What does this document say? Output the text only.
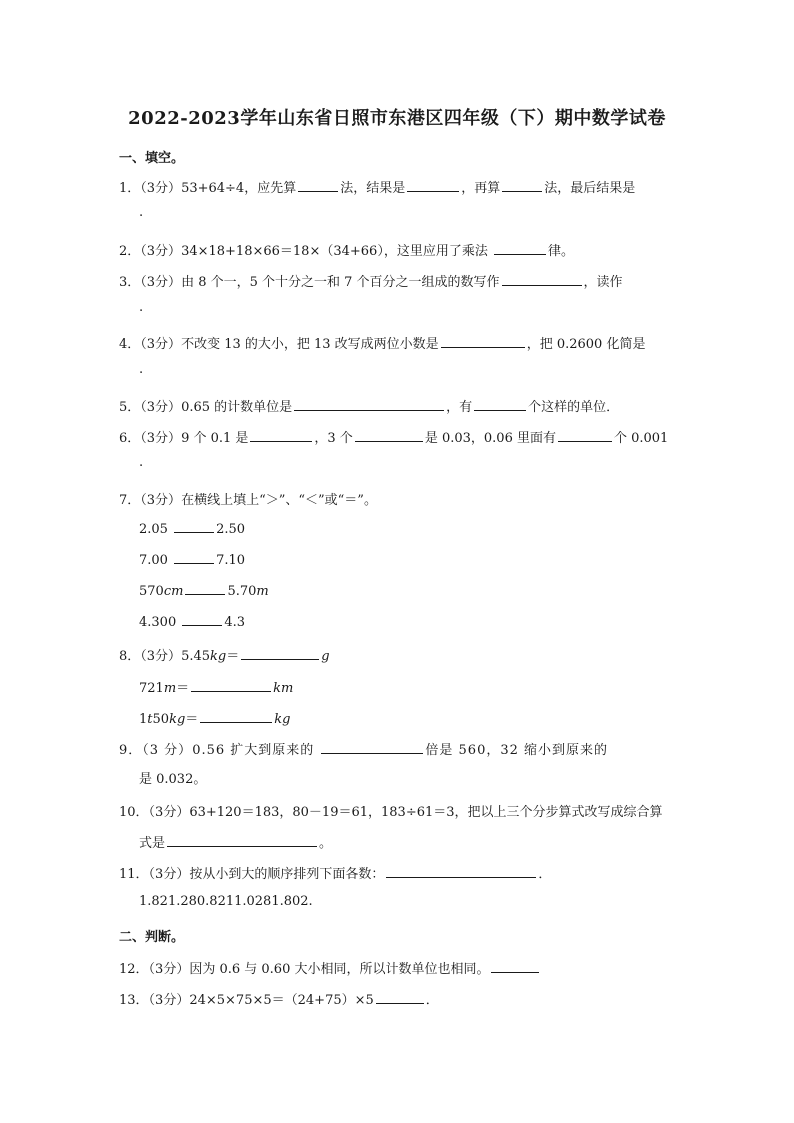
2022-2023学年山东省日照市东港区四年级（下）期中数学试卷
一、填空。
1．（3分）53+64÷4，应先算	法，结果是	，再算	法，最后结果是
.
2．（3分）34×18+18×66＝18×（34+66），这里应用了乘法	律。
3．（3分）由 8 个一，5 个十分之一和 7 个百分之一组成的数写作	，读作
.
4．（3分）不改变 13 的大小，把 13 改写成两位小数是	，把 0.2600 化简是
.
5．（3分）0.65 的计数单位是	，有	个这样的单位．
6．（3分）9 个 0.1 是	，3 个	是 0.03，0.06 里面有	个 0.001
.
7．（3分）在横线上填上“＞”、“＜”或“＝”。
2.05	2.50
7.00	7.10
570cm	5.70m
4.300	4.3
8．（3分）5.45kg＝	g
721m＝	km
1t50kg＝	kg
9．（3 分）0.56 扩大到原来的	倍是 560，32 缩小到原来的
是 0.032。
10．（3分）63+120＝183，80－19＝61，183÷61＝3，把以上三个分步算式改写成综合算
式是	。
11．（3分）按从小到大的顺序排列下面各数：	．
1.821.280.8211.0281.802.
二、判断。
12．（3分）因为 0.6 与 0.60 大小相同，所以计数单位也相同。
13．（3分）24×5×75×5＝（24+75）×5	．
